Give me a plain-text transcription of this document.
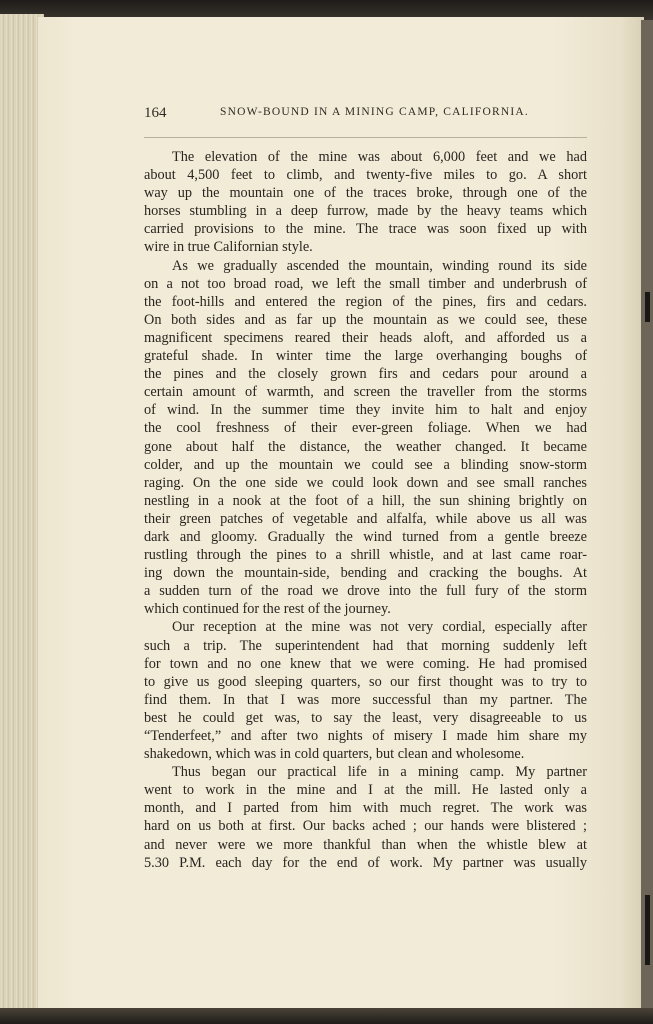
164	SNOW-BOUND IN A MINING CAMP, CALIFORNIA.
The elevation of the mine was about 6,000 feet and we had
about 4,500 feet to climb, and twenty-five miles to go. A short
way up the mountain one of the traces broke, through one of the
horses stumbling in a deep furrow, made by the heavy teams which
carried provisions to the mine. The trace was soon fixed up with
wire in true Californian style.
As we gradually ascended the mountain, winding round its side
on a not too broad road, we left the small timber and underbrush of
the foot-hills and entered the region of the pines, firs and cedars.
On both sides and as far up the mountain as we could see, these
magnificent specimens reared their heads aloft, and afforded us a
grateful shade. In winter time the large overhanging boughs of
the pines and the closely grown firs and cedars pour around a
certain amount of warmth, and screen the traveller from the storms
of wind. In the summer time they invite him to halt and enjoy
the cool freshness of their ever-green foliage. When we had
gone about half the distance, the weather changed. It became
colder, and up the mountain we could see a blinding snow-storm
raging. On the one side we could look down and see small ranches
nestling in a nook at the foot of a hill, the sun shining brightly on
their green patches of vegetable and alfalfa, while above us all was
dark and gloomy. Gradually the wind turned from a gentle breeze
rustling through the pines to a shrill whistle, and at last came roar-
ing down the mountain-side, bending and cracking the boughs. At
a sudden turn of the road we drove into the full fury of the storm
which continued for the rest of the journey.
Our reception at the mine was not very cordial, especially after
such a trip. The superintendent had that morning suddenly left
for town and no one knew that we were coming. He had promised
to give us good sleeping quarters, so our first thought was to try to
find them. In that I was more successful than my partner. The
best he could get was, to say the least, very disagreeable to us
“Tenderfeet,” and after two nights of misery I made him share my
shakedown, which was in cold quarters, but clean and wholesome.
Thus began our practical life in a mining camp. My partner
went to work in the mine and I at the mill. He lasted only a
month, and I parted from him with much regret. The work was
hard on us both at first. Our backs ached ; our hands were blistered ;
and never were we more thankful than when the whistle blew at
5.30 P.M. each day for the end of work. My partner was usually
